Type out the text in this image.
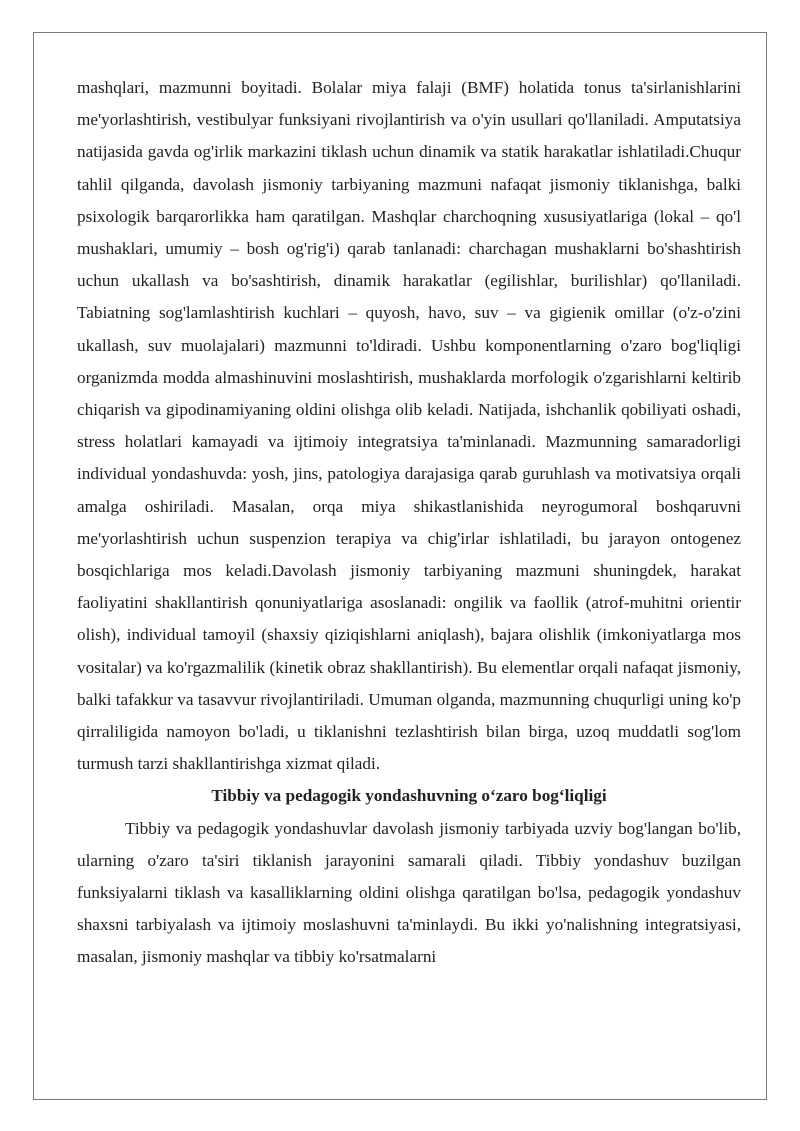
mashqlari, mazmunni boyitadi. Bolalar miya falaji (BMF) holatida tonus ta'sirlanishlarini me'yorlashtirish, vestibulyar funksiyani rivojlantirish va o'yin usullari qo'llaniladi. Amputatsiya natijasida gavda og'irlik markazini tiklash uchun dinamik va statik harakatlar ishlatiladi.Chuqur tahlil qilganda, davolash jismoniy tarbiyaning mazmuni nafaqat jismoniy tiklanishga, balki psixologik barqarorlikka ham qaratilgan. Mashqlar charchoqning xususiyatlariga (lokal – qo'l mushaklari, umumiy – bosh og'rig'i) qarab tanlanadi: charchagan mushaklarni bo'shashtirish uchun ukallash va bo'sashtirish, dinamik harakatlar (egilishlar, burilishlar) qo'llaniladi. Tabiatning sog'lamlashtirish kuchlari – quyosh, havo, suv – va gigienik omillar (o'z-o'zini ukallash, suv muolajalari) mazmunni to'ldiradi. Ushbu komponentlarning o'zaro bog'liqligi organizmda modda almashinuvini moslashtirish, mushaklarda morfologik o'zgarishlarni keltirib chiqarish va gipodinamiyaning oldini olishga olib keladi. Natijada, ishchanlik qobiliyati oshadi, stress holatlari kamayadi va ijtimoiy integratsiya ta'minlanadi. Mazmunning samaradorligi individual yondashuvda: yosh, jins, patologiya darajasiga qarab guruhlash va motivatsiya orqali amalga oshiriladi. Masalan, orqa miya shikastlanishida neyrogumoral boshqaruvni me'yorlashtirish uchun suspenzion terapiya va chig'irlar ishlatiladi, bu jarayon ontogenez bosqichlariga mos keladi.Davolash jismoniy tarbiyaning mazmuni shuningdek, harakat faoliyatini shakllantirish qonuniyatlariga asoslanadi: ongilik va faollik (atrof-muhitni orientir olish), individual tamoyil (shaxsiy qiziqishlarni aniqlash), bajara olishlik (imkoniyatlarga mos vositalar) va ko'rgazmalilik (kinetik obraz shakllantirish). Bu elementlar orqali nafaqat jismoniy, balki tafakkur va tasavvur rivojlantiriladi. Umuman olganda, mazmunning chuqurligi uning ko'p qirraliligida namoyon bo'ladi, u tiklanishni tezlashtirish bilan birga, uzoq muddatli sog'lom turmush tarzi shakllantirishga xizmat qiladi.

Tibbiy va pedagogik yondashuvning o‘zaro bog‘liqligi

Tibbiy va pedagogik yondashuvlar davolash jismoniy tarbiyada uzviy bog'langan bo'lib, ularning o'zaro ta'siri tiklanish jarayonini samarali qiladi. Tibbiy yondashuv buzilgan funksiyalarni tiklash va kasalliklarning oldini olishga qaratilgan bo'lsa, pedagogik yondashuv shaxsni tarbiyalash va ijtimoiy moslashuvni ta'minlaydi. Bu ikki yo'nalishning integratsiyasi, masalan, jismoniy mashqlar va tibbiy ko'rsatmalarni
